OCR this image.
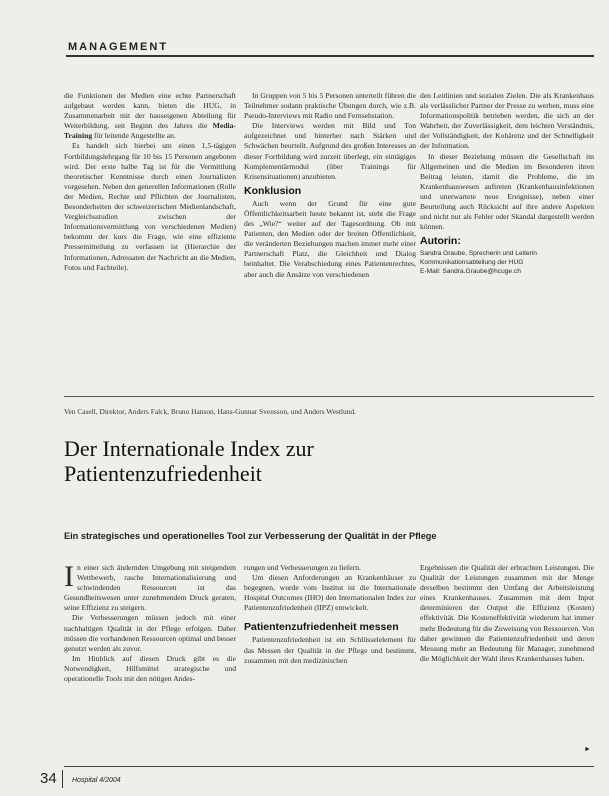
MANAGEMENT

die Funktionen der Medien eine echte Partnerschaft aufgebaut werden kann, bieten die HUG, in Zusammenarbeit mit der hauseigenen Abteilung für Weiterbildung, seit Beginn des Jahres die Media-Training für leitende Angestellte an.

Es handelt sich hierbei um einen 1,5-tägigen Fortbildungslehrgang für 10 bis 15 Personen angeboten wird. Der erste halbe Tag ist für die Vermittlung theoretischer Kenntnisse durch einen Journalisten vorgesehen. Neben den generellen Informationen (Rolle der Medien, Rechte und Pflichten der Journalisten, Besonderheiten der schweizerischen Medienlandschaft, Vergleichsstudien zwischen der Informationsvermittlung von verschiedenen Medien) bekommt der kurs die Frage, wie eine effiziente Pressemitteilung zu verfassen ist (Hierarchie der Informationen, Adressaten der Nachricht an die Medien, Fotos und Fachteile).

In Gruppen von 5 bis 5 Personen unterteilt führen die Teilnehmer sodann praktische Übungen durch, wie z.B. Pseudo-Interviews mit Radio und Fernsehstation.

Die Interviews werden mit Bild und Ton aufgezeichnet und hinterher nach Stärken und Schwächen beurteilt. Aufgrund des großen Interesses an dieser Fortbildung wird zurzeit überlegt, ein eintägiges Komplementärmodul (über Trainings für Krisensituationen) anzubieten.

Konklusion

Auch wenn der Grund für eine gute Öffentlichkeitsarbeit heute bekannt ist, steht die Frage des „Wie?“ weiter auf der Tagesordnung. Ob mit Patienten, den Medien oder der breiten Öffentlichkeit, die veränderten Beziehungen machen immer mehr einer Partnerschaft Platz, die Gleichheit und Dialog beinhaltet. Die Verabschiedung eines Patientenrechtes, aber auch die Ansätze von verschiedenen

den Leitlinien und sozialen Zielen. Die als Krankenhaus als verlässlicher Partner der Presse zu werben, muss eine Informationspolitik betrieben werden, die sich an der Wahrheit, der Zuverlässigkeit, dem leichten Verständnis, der Vollständigkeit, der Kohärenz und der Schnelligkeit der Information.

In dieser Beziehung müssen die Gesellschaft im Allgemeinen und die Medien im Besonderen ihren Beitrag leisten, damit die Probleme, die im Krankenhauswesen auftreten (Krankenhausinfektionen und unerwartete neue Ereignisse), neben einer Beurteilung auch Rücksicht auf ihre andere Aspekten und nicht nur als Fehler oder Skandal dargestellt werden können.

Autorin:
Sandra Graube, Sprecherin und Leiterin
Kommunikationsabteilung der HUG
E-Mail: Sandra.Graube@hcuge.ch
Ven Casell, Direktor, Anders Falck, Bruno Hanson, Hans-Gunnar Svensson, und Anders Westlund.
Der Internationale Index zur Patientenzufriedenheit
Ein strategisches und operationelles Tool zur Verbesserung der Qualität in der Pflege

In einer sich ändernden Umgebung mit steigendem Wettbewerb, rasche Internationalisierung und schwindenden Ressourcen ist das Gesundheitswesen unter zunehmendem Druck geraten, seine Effizienz zu steigern.

Die Verbesserungen müssen jedoch mit einer nachhaltigen Qualität in der Pflege erfolgen. Daher müssen die vorhandenen Ressourcen optimal und besser genutzt werden als zuvor.

Im Hinblick auf diesen Druck gibt es die Notwendigkeit, Hilfsmittel strategische und operationelle Tools mit den nötigen Andes-

rungen und Verbesserungen zu liefern.

Um diesen Anforderungen an Krankenhäuser zu begegnen, wurde vom Institut ist die Internationale Hospital Outcomes (IHO) den Internationalen Index zur Patientenzufriedenheit (IIPZ) entwickelt.

Patientenzufriedenheit messen

Patientenzufriedenheit ist ein Schlüsselelement für das Messen der Qualität in der Pflege und bestimmt, zusammen mit den medizinischen

Ergebnissen die Qualität der erbrachten Leistungen. Die Qualität der Leistungen zusammen mit der Menge derselben bestimmt den Umfang der Arbeitsleistung eines Krankenhauses. Zusammen mit dem Input determinieren der Output die Effizienz (Kosten) effektivität. Die Kosteneffektivität wiederum hat immer mehr Bedeutung für die Zuweisung von Ressourcen. Von daher gewinnen die Patientenzufriedenheit und deren Messung mehr an Bedeutung für Manager, zunehmend die Möglichkeit der Wahl ihres Krankenhauses haben.

►
34 Hospital 4/2004
